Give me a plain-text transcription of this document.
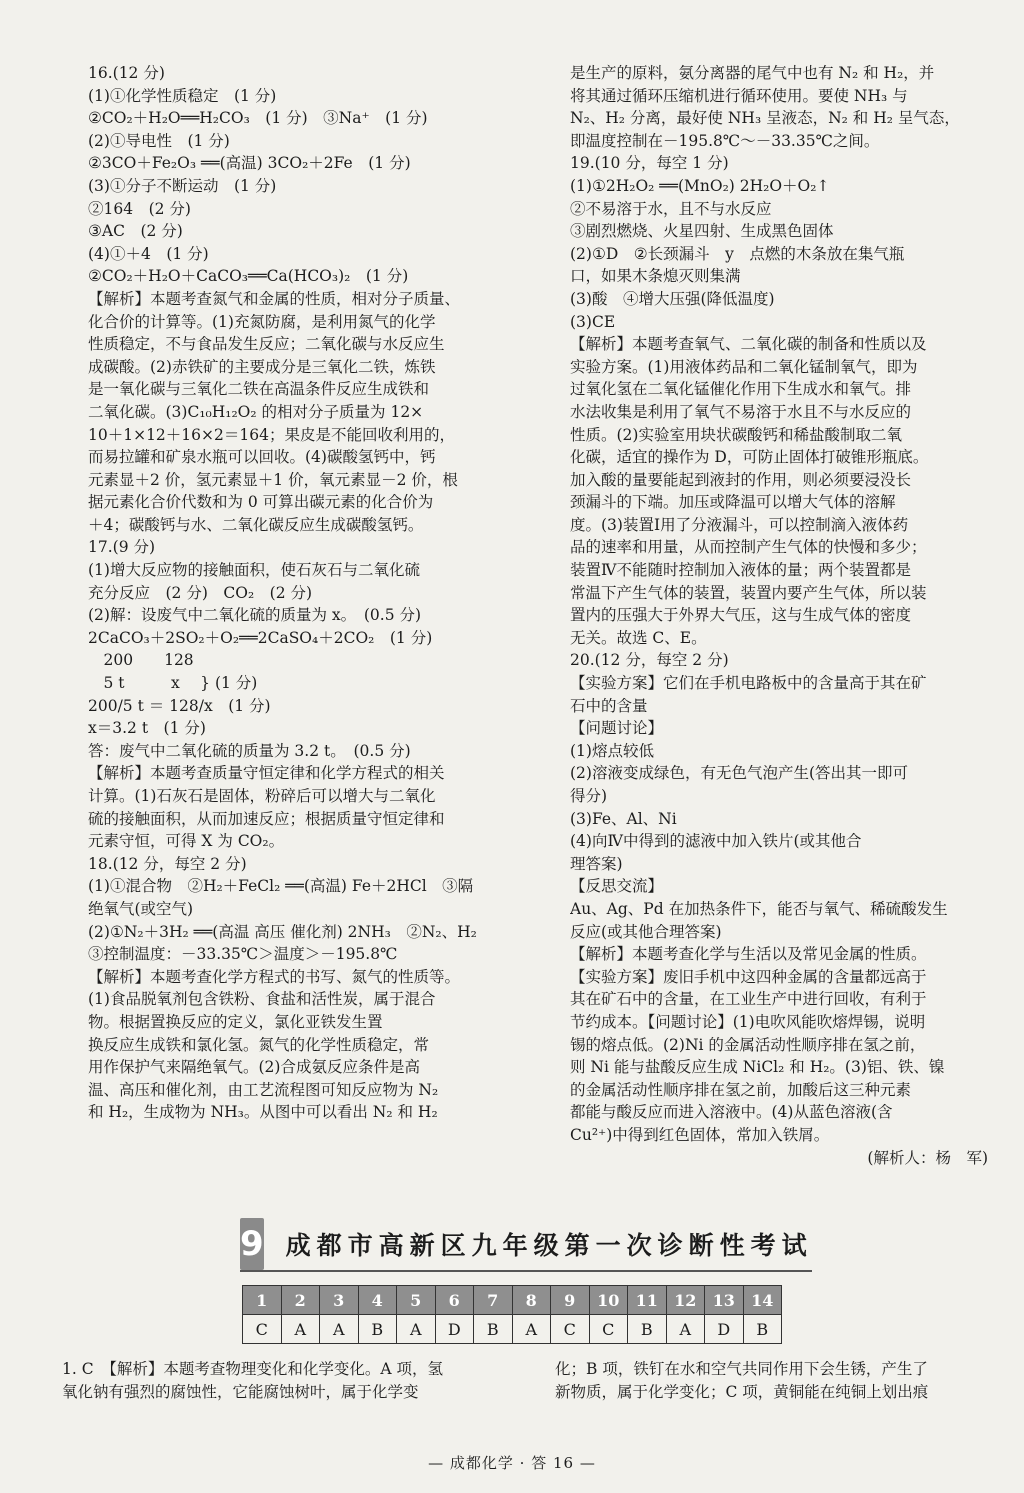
16.(12 分)
(1)①化学性质稳定　(1 分)
②CO₂＋H₂O══H₂CO₃　(1 分)　③Na⁺　(1 分)
(2)①导电性　(1 分)
②3CO＋Fe₂O₃ ══(高温) 3CO₂＋2Fe　(1 分)
(3)①分子不断运动　(1 分)
②164　(2 分)
③AC　(2 分)
(4)①＋4　(1 分)
②CO₂＋H₂O＋CaCO₃══Ca(HCO₃)₂　(1 分)
【解析】本题考查氮气和金属的性质，相对分子质量、
化合价的计算等。(1)充氮防腐，是利用氮气的化学
性质稳定，不与食品发生反应；二氧化碳与水反应生
成碳酸。(2)赤铁矿的主要成分是三氧化二铁，炼铁
是一氧化碳与三氧化二铁在高温条件反应生成铁和
二氧化碳。(3)C₁₀H₁₂O₂ 的相对分子质量为 12×
10＋1×12＋16×2＝164；果皮是不能回收利用的，
而易拉罐和矿泉水瓶可以回收。(4)碳酸氢钙中，钙
元素显＋2 价，氢元素显＋1 价，氧元素显－2 价，根
据元素化合价代数和为 0 可算出碳元素的化合价为
＋4；碳酸钙与水、二氧化碳反应生成碳酸氢钙。
17.(9 分)
(1)增大反应物的接触面积，使石灰石与二氧化硫
充分反应　(2 分)　CO₂　(2 分)
(2)解：设废气中二氧化硫的质量为 x。　(0.5 分)
2CaCO₃＋2SO₂＋O₂══2CaSO₄＋2CO₂　(1 分)
　200　　128
　5 t　　　x　 } (1 分)
200/5 t ＝ 128/x　(1 分)
x＝3.2 t　(1 分)
答：废气中二氧化硫的质量为 3.2 t。　(0.5 分)
【解析】本题考查质量守恒定律和化学方程式的相关
计算。(1)石灰石是固体，粉碎后可以增大与二氧化
硫的接触面积，从而加速反应；根据质量守恒定律和
元素守恒，可得 X 为 CO₂。
18.(12 分，每空 2 分)
(1)①混合物　②H₂＋FeCl₂ ══(高温) Fe＋2HCl　③隔
绝氧气(或空气)
(2)①N₂＋3H₂ ══(高温 高压 催化剂) 2NH₃　②N₂、H₂
③控制温度：－33.35℃＞温度＞－195.8℃
【解析】本题考查化学方程式的书写、氮气的性质等。
(1)食品脱氧剂包含铁粉、食盐和活性炭，属于混合
物。根据置换反应的定义，氯化亚铁发生置
换反应生成铁和氯化氢。氮气的化学性质稳定，常
用作保护气来隔绝氧气。(2)合成氨反应条件是高
温、高压和催化剂，由工艺流程图可知反应物为 N₂
和 H₂，生成物为 NH₃。从图中可以看出 N₂ 和 H₂
是生产的原料，氨分离器的尾气中也有 N₂ 和 H₂，并
将其通过循环压缩机进行循环使用。要使 NH₃ 与
N₂、H₂ 分离，最好使 NH₃ 呈液态，N₂ 和 H₂ 呈气态，
即温度控制在－195.8℃～－33.35℃之间。
19.(10 分，每空 1 分)
(1)①2H₂O₂ ══(MnO₂) 2H₂O＋O₂↑
②不易溶于水，且不与水反应
③剧烈燃烧、火星四射、生成黑色固体
(2)①D　②长颈漏斗　y　点燃的木条放在集气瓶
口，如果木条熄灭则集满
(3)酸　④增大压强(降低温度)
(3)CE
【解析】本题考查氧气、二氧化碳的制备和性质以及
实验方案。(1)用液体药品和二氧化锰制氧气，即为
过氧化氢在二氧化锰催化作用下生成水和氧气。排
水法收集是利用了氧气不易溶于水且不与水反应的
性质。(2)实验室用块状碳酸钙和稀盐酸制取二氧
化碳，适宜的操作为 D，可防止固体打破锥形瓶底。
加入酸的量要能起到液封的作用，则必须要浸没长
颈漏斗的下端。加压或降温可以增大气体的溶解
度。(3)装置Ⅰ用了分液漏斗，可以控制滴入液体药
品的速率和用量，从而控制产生气体的快慢和多少；
装置Ⅳ不能随时控制加入液体的量；两个装置都是
常温下产生气体的装置，装置内要产生气体，所以装
置内的压强大于外界大气压，这与生成气体的密度
无关。故选 C、E。
20.(12 分，每空 2 分)
【实验方案】它们在手机电路板中的含量高于其在矿
石中的含量
【问题讨论】
(1)熔点较低
(2)溶液变成绿色，有无色气泡产生(答出其一即可
得分)
(3)Fe、Al、Ni
(4)向Ⅳ中得到的滤液中加入铁片(或其他合
理答案)
【反思交流】
Au、Ag、Pd 在加热条件下，能否与氧气、稀硫酸发生
反应(或其他合理答案)
【解析】本题考查化学与生活以及常见金属的性质。
【实验方案】废旧手机中这四种金属的含量都远高于
其在矿石中的含量，在工业生产中进行回收，有利于
节约成本。【问题讨论】(1)电吹风能吹熔焊锡，说明
锡的熔点低。(2)Ni 的金属活动性顺序排在氢之前，
则 Ni 能与盐酸反应生成 NiCl₂ 和 H₂。(3)铝、铁、镍
的金属活动性顺序排在氢之前，加酸后这三种元素
都能与酸反应而进入溶液中。(4)从蓝色溶液(含
Cu²⁺)中得到红色固体，常加入铁屑。
(解析人：杨　军)
9 成都市高新区九年级第一次诊断性考试
1	2	3	4	5	6	7	8	9	10	11	12	13	14
C	A	A	B	A	D	B	A	C	C	B	A	D	B
1. C　【解析】本题考查物理变化和化学变化。A 项，氢
氧化钠有强烈的腐蚀性，它能腐蚀树叶，属于化学变
化；B 项，铁钉在水和空气共同作用下会生锈，产生了
新物质，属于化学变化；C 项，黄铜能在纯铜上划出痕
— 成都化学 · 答 16 —
